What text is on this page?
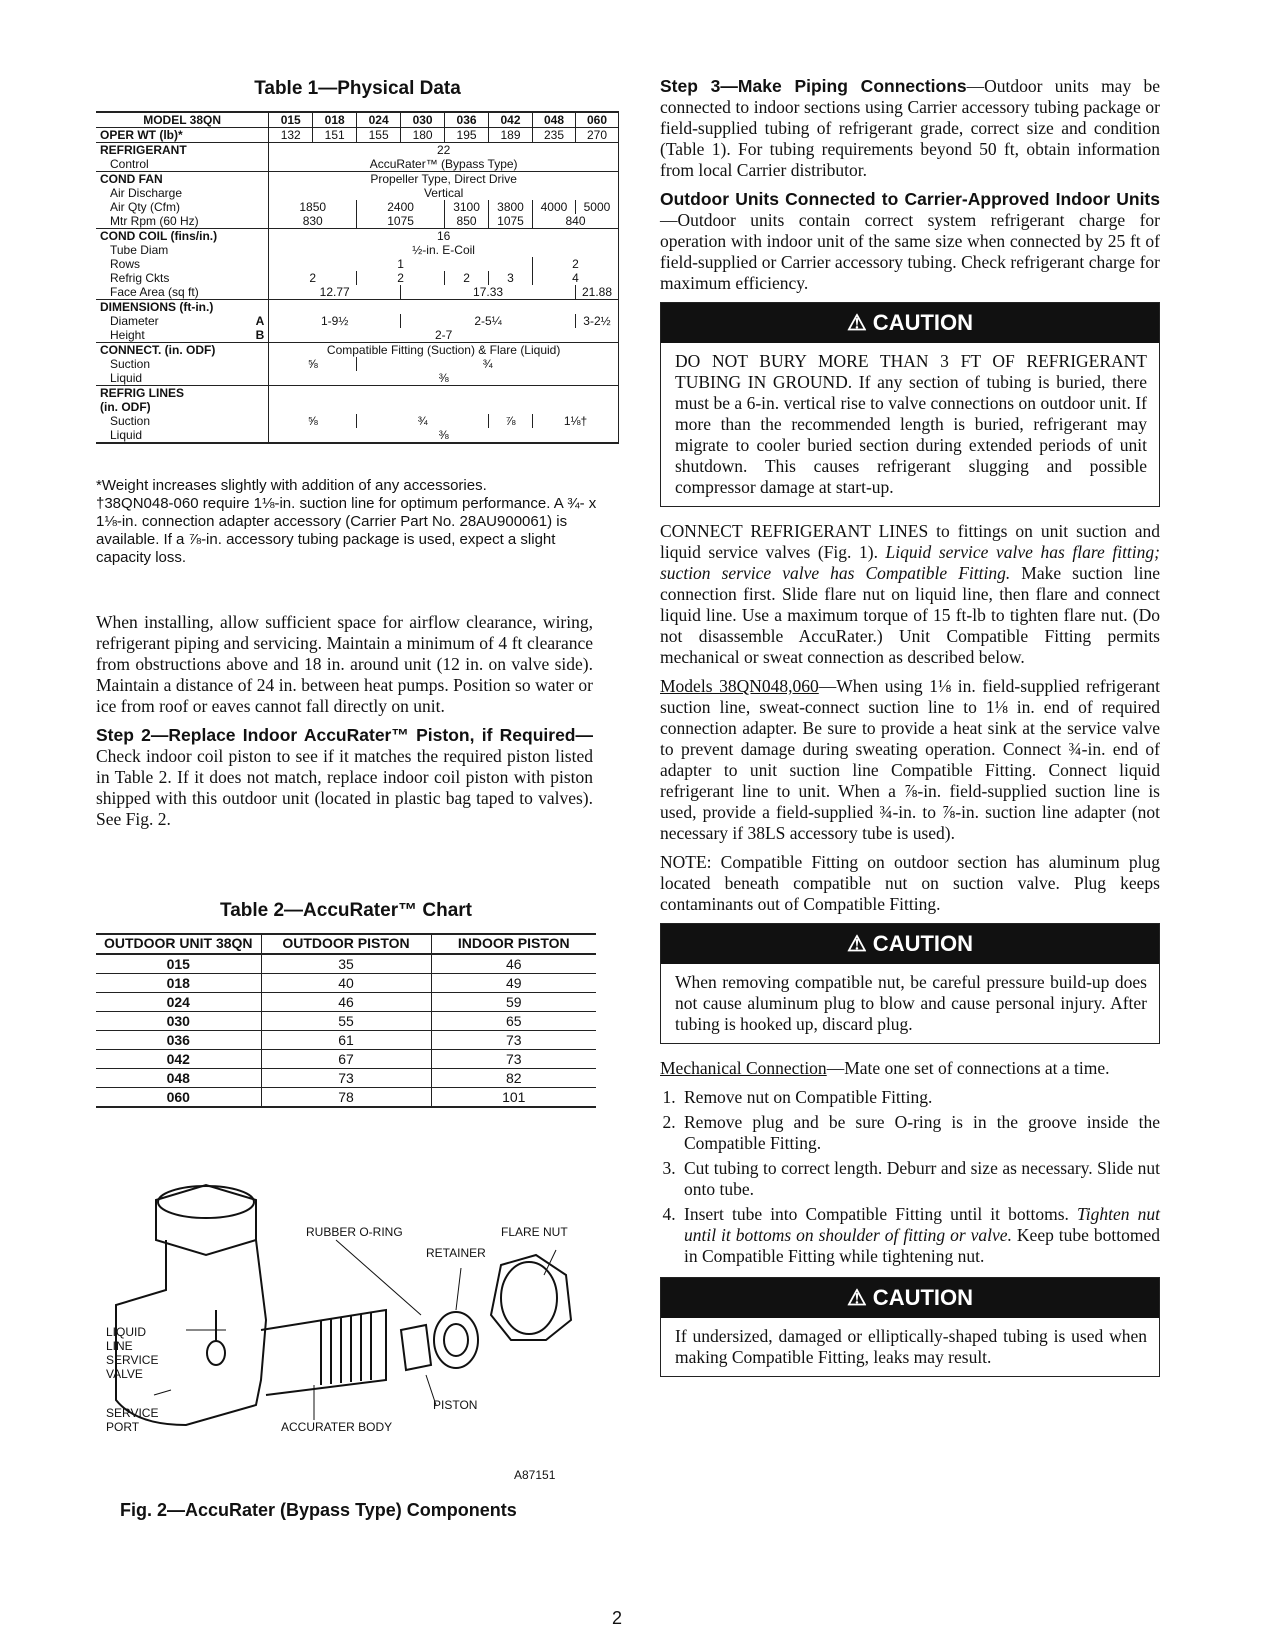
Table 1—Physical Data
MODEL 38QN	015	018	024	030	036	042	048	060
OPER WT (lb)*	132	151	155	180	195	189	235	270
REFRIGERANT	22							
Control	AccuRater™ (Bypass Type)							
COND FAN	Propeller Type, Direct Drive							
Air Discharge	Vertical							
Air Qty (Cfm)	1850		2400		3100	3800	4000	5000
Mtr Rpm (60 Hz)	830		1075		850	1075	840	
COND COIL (fins/in.)	16							
Tube Diam	½-in. E-Coil							
Rows	1						2	
Refrig Ckts	2		2		2	3	4	
Face Area (sq ft)	12.77			17.33				21.88
DIMENSIONS (ft-in.)								
Diameter A	1-9½			2-5¼				3-2½
Height B	2-7							
CONNECT. (in. ODF)	Compatible Fitting (Suction) & Flare (Liquid)							
Suction	⅝		¾					
Liquid	⅜							
REFRIG LINES								
(in. ODF)								
Suction	⅝		¾			⅞	1⅛†	
Liquid	⅜							

*Weight increases slightly with addition of any accessories.

†38QN048-060 require 1⅛-in. suction line for optimum performance. A ¾- x 1⅛-in. connection adapter accessory (Carrier Part No. 28AU900061) is available. If a ⅞-in. accessory tubing package is used, expect a slight capacity loss.

When installing, allow sufficient space for airflow clearance, wiring, refrigerant piping and servicing. Maintain a minimum of 4 ft clearance from obstructions above and 18 in. around unit (12 in. on valve side). Maintain a distance of 24 in. between heat pumps. Position so water or ice from roof or eaves cannot fall directly on unit.

Step 2—Replace Indoor AccuRater™ Piston, if Required—Check indoor coil piston to see if it matches the required piston listed in Table 2. If it does not match, replace indoor coil piston with piston shipped with this outdoor unit (located in plastic bag taped to valves). See Fig. 2.

Table 2—AccuRater™ Chart
OUTDOOR UNIT 38QN	OUTDOOR PISTON	INDOOR PISTON
015	35	46
018	40	49
024	46	59
030	55	65
036	61	73
042	67	73
048	73	82
060	78	101
RUBBER O-RING	FLARE NUT
RETAINER
LIQUID LINE SERVICE VALVE
SERVICE PORT
PISTON
ACCURATER BODY
A87151
Fig. 2—AccuRater (Bypass Type) Components

Step 3—Make Piping Connections—Outdoor units may be connected to indoor sections using Carrier accessory tubing package or field-supplied tubing of refrigerant grade, correct size and condition (Table 1). For tubing requirements beyond 50 ft, obtain information from local Carrier distributor.

Outdoor Units Connected to Carrier-Approved Indoor Units—Outdoor units contain correct system refrigerant charge for operation with indoor unit of the same size when connected by 25 ft of field-supplied or Carrier accessory tubing. Check refrigerant charge for maximum efficiency.

⚠ CAUTION
DO NOT BURY MORE THAN 3 FT OF REFRIGERANT TUBING IN GROUND. If any section of tubing is buried, there must be a 6-in. vertical rise to valve connections on outdoor unit. If more than the recommended length is buried, refrigerant may migrate to cooler buried section during extended periods of unit shutdown. This causes refrigerant slugging and possible compressor damage at start-up.

CONNECT REFRIGERANT LINES to fittings on unit suction and liquid service valves (Fig. 1). Liquid service valve has flare fitting; suction service valve has Compatible Fitting. Make suction line connection first. Slide flare nut on liquid line, then flare and connect liquid line. Use a maximum torque of 15 ft-lb to tighten flare nut. (Do not disassemble AccuRater.) Unit Compatible Fitting permits mechanical or sweat connection as described below.

Models 38QN048,060—When using 1⅛ in. field-supplied refrigerant suction line, sweat-connect suction line to 1⅛ in. end of required connection adapter. Be sure to provide a heat sink at the service valve to prevent damage during sweating operation. Connect ¾-in. end of adapter to unit suction line Compatible Fitting. Connect liquid refrigerant line to unit. When a ⅞-in. field-supplied suction line is used, provide a field-supplied ¾-in. to ⅞-in. suction line adapter (not necessary if 38LS accessory tube is used).

NOTE: Compatible Fitting on outdoor section has aluminum plug located beneath compatible nut on suction valve. Plug keeps contaminants out of Compatible Fitting.

⚠ CAUTION
When removing compatible nut, be careful pressure build-up does not cause aluminum plug to blow and cause personal injury. After tubing is hooked up, discard plug.

Mechanical Connection—Mate one set of connections at a time.

1. Remove nut on Compatible Fitting.
2. Remove plug and be sure O-ring is in the groove inside the Compatible Fitting.
3. Cut tubing to correct length. Deburr and size as necessary. Slide nut onto tube.
4. Insert tube into Compatible Fitting until it bottoms. Tighten nut until it bottoms on shoulder of fitting or valve. Keep tube bottomed in Compatible Fitting while tightening nut.
⚠ CAUTION
If undersized, damaged or elliptically-shaped tubing is used when making Compatible Fitting, leaks may result.
2
